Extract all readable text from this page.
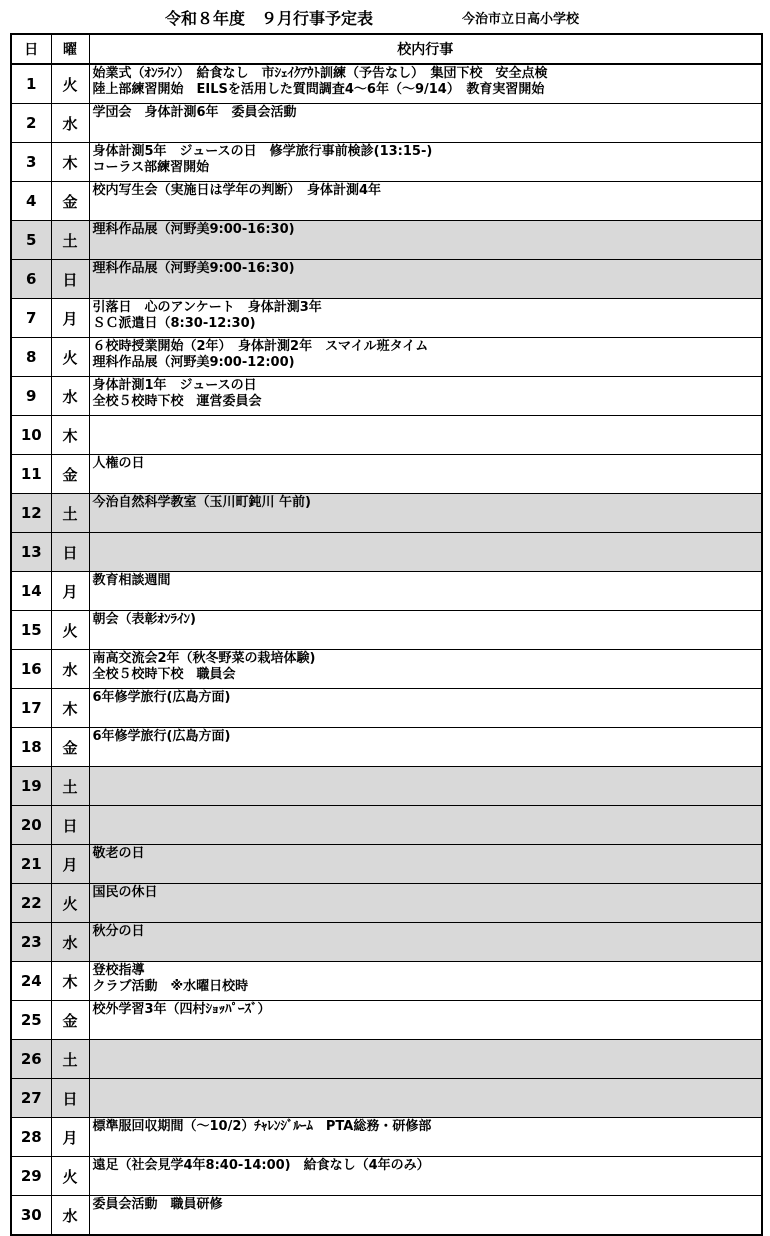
令和８年度　９月行事予定表	今治市立日高小学校
日	曜	校内行事
1	火	始業式（ｵﾝﾗｲﾝ）　給食なし　市ｼｪｲｸｱｳﾄ訓練（予告なし）　集団下校　安全点検
陸上部練習開始　EILSを活用した質問調査4～6年（～9/14）　教育実習開始
2	水	学団会　身体計測6年　委員会活動
3	木	身体計測5年　ジュースの日　修学旅行事前検診(13:15-)
コーラス部練習開始
4	金	校内写生会（実施日は学年の判断）　身体計測4年
5	土	理科作品展（河野美9:00-16:30)
6	日	理科作品展（河野美9:00-16:30)
7	月	引落日　心のアンケート　身体計測3年
ＳＣ派遣日（8:30-12:30)
8	火	６校時授業開始（2年）　身体計測2年　スマイル班タイム
理科作品展（河野美9:00-12:00)
9	水	身体計測1年　ジュースの日
全校５校時下校　運営委員会
10	木	
11	金	人権の日
12	土	今治自然科学教室（玉川町鈍川 午前)
13	日	
14	月	教育相談週間
15	火	朝会（表彰ｵﾝﾗｲﾝ)
16	水	南高交流会2年（秋冬野菜の栽培体験)
全校５校時下校　職員会
17	木	6年修学旅行(広島方面)
18	金	6年修学旅行(広島方面)
19	土	
20	日	
21	月	敬老の日
22	火	国民の休日
23	水	秋分の日
24	木	登校指導
クラブ活動　※水曜日校時
25	金	校外学習3年（四村ｼｮｯﾊﾟｰｽﾞ）
26	土	
27	日	
28	月	標準服回収期間（～10/2）ﾁｬﾚﾝｼﾞﾙｰﾑ　PTA総務・研修部
29	火	遠足（社会見学4年8:40-14:00)　給食なし（4年のみ）
30	水	委員会活動　職員研修
